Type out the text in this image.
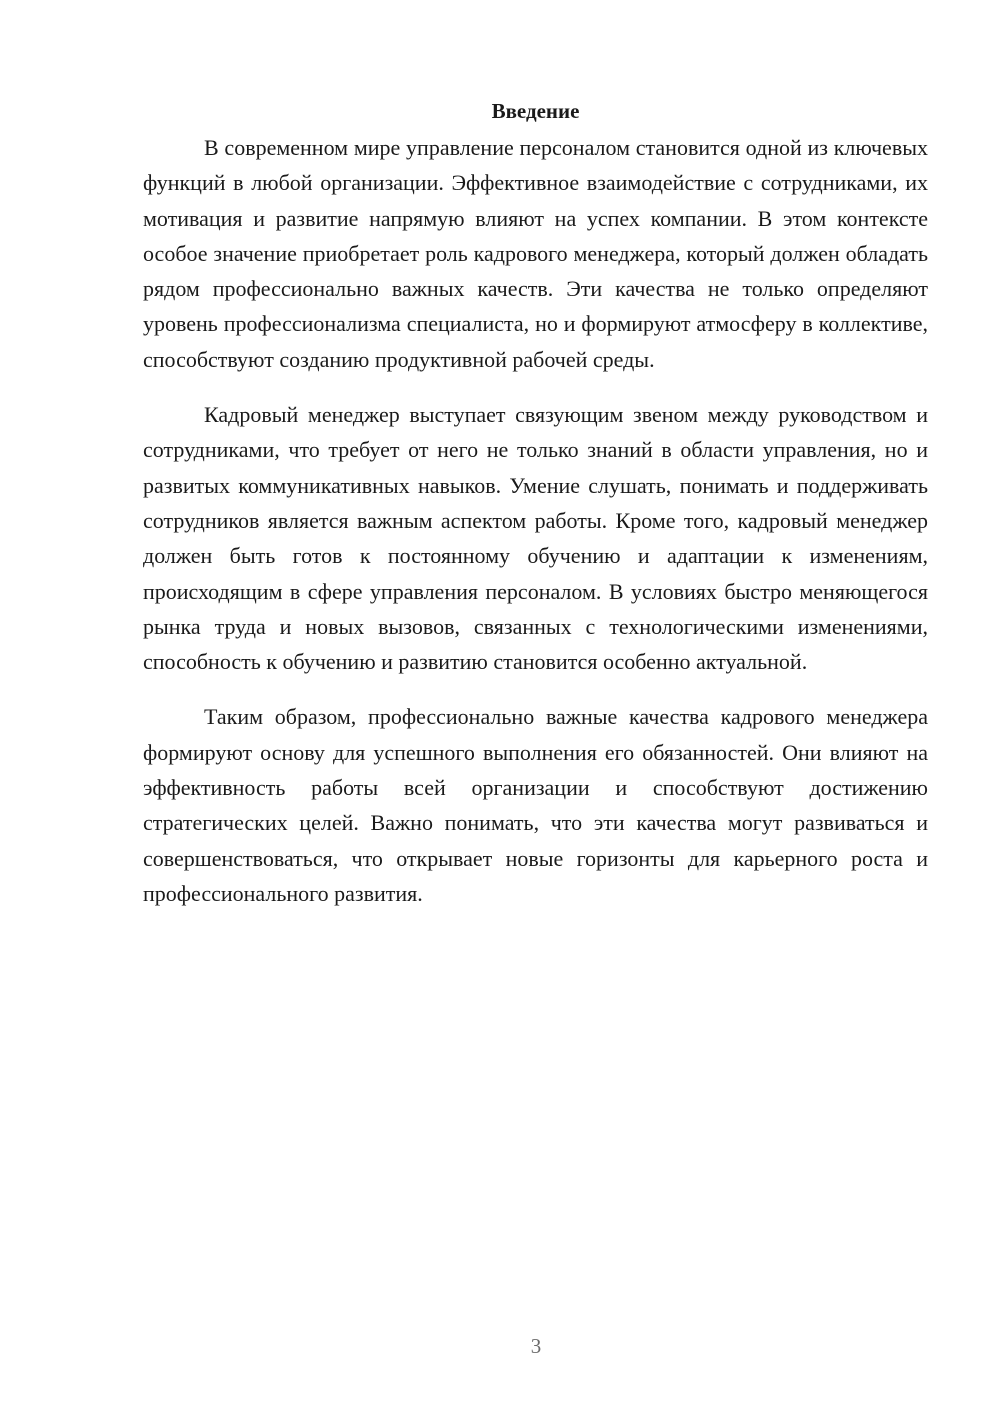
Введение

В современном мире управление персоналом становится одной из ключевых функций в любой организации. Эффективное взаимодействие с сотрудниками, их мотивация и развитие напрямую влияют на успех компании. В этом контексте особое значение приобретает роль кадрового менеджера, который должен обладать рядом профессионально важных качеств. Эти качества не только определяют уровень профессионализма специалиста, но и формируют атмосферу в коллективе, способствуют созданию продуктивной рабочей среды.

Кадровый менеджер выступает связующим звеном между руководством и сотрудниками, что требует от него не только знаний в области управления, но и развитых коммуникативных навыков. Умение слушать, понимать и поддерживать сотрудников является важным аспектом работы. Кроме того, кадровый менеджер должен быть готов к постоянному обучению и адаптации к изменениям, происходящим в сфере управления персоналом. В условиях быстро меняющегося рынка труда и новых вызовов, связанных с технологическими изменениями, способность к обучению и развитию становится особенно актуальной.

Таким образом, профессионально важные качества кадрового менеджера формируют основу для успешного выполнения его обязанностей. Они влияют на эффективность работы всей организации и способствуют достижению стратегических целей. Важно понимать, что эти качества могут развиваться и совершенствоваться, что открывает новые горизонты для карьерного роста и профессионального развития.

3
